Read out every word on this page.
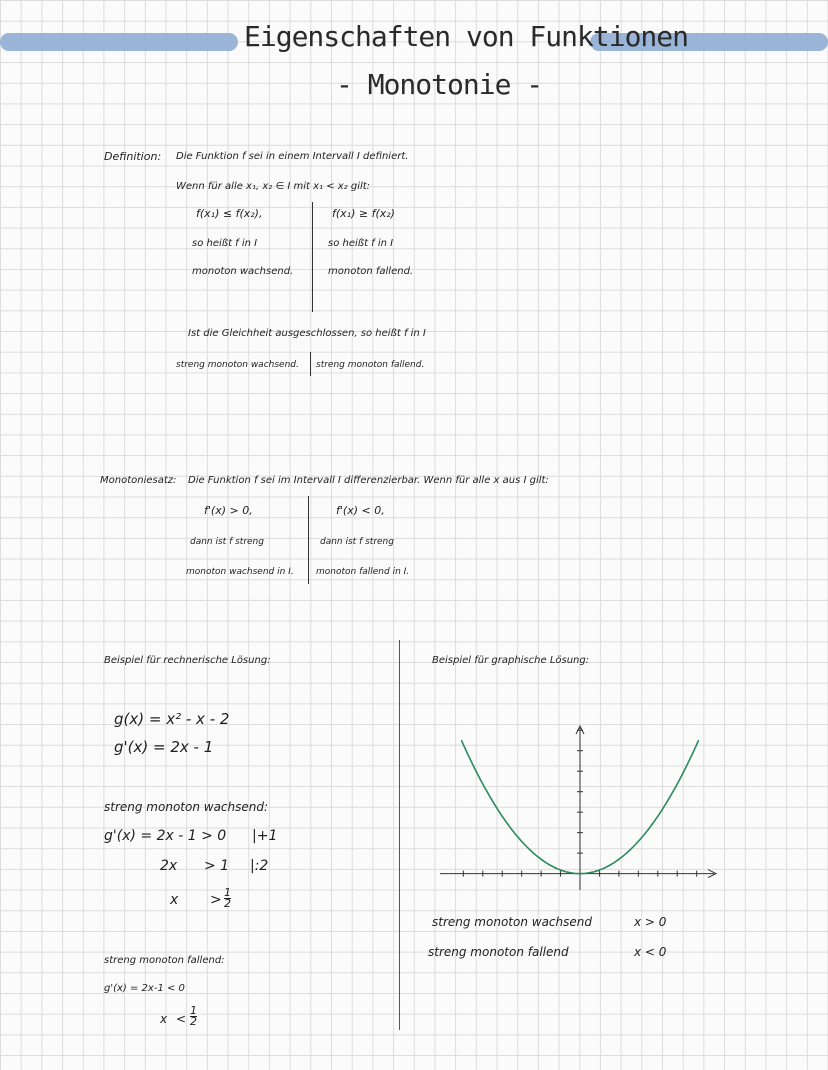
Eigenschaften von Funktionen
- Monotonie -
Definition: Die Funktion f sei in einem Intervall I definiert.
Wenn für alle x₁, x₂ ∈ I mit x₁ < x₂ gilt:
f(x₁) ≤ f(x₂),
so heißt f in I
monoton wachsend.
f(x₁) ≥ f(x₂)
so heißt f in I
monoton fallend.
Ist die Gleichheit ausgeschlossen, so heißt f in I
streng monoton wachsend. streng monoton fallend.
Monotoniesatz: Die Funktion f sei im Intervall I differenzierbar. Wenn für alle x aus I gilt:
f'(x) > 0,
dann ist f streng
monoton wachsend in I.
f'(x) < 0,
dann ist f streng
monoton fallend in I.
Beispiel für rechnerische Lösung:
g(x) = x² - x - 2
g'(x) = 2x - 1
streng monoton wachsend:
g'(x) = 2x - 1 > 0 |+1
2x > 1 |:2
$x > \frac{1}{2}$
streng monoton fallend:
g'(x) = 2x-1 < 0
$x < \frac{1}{2}$
Beispiel für graphische Lösung:
streng monoton wachsend	x > 0
streng monoton fallend	x < 0
